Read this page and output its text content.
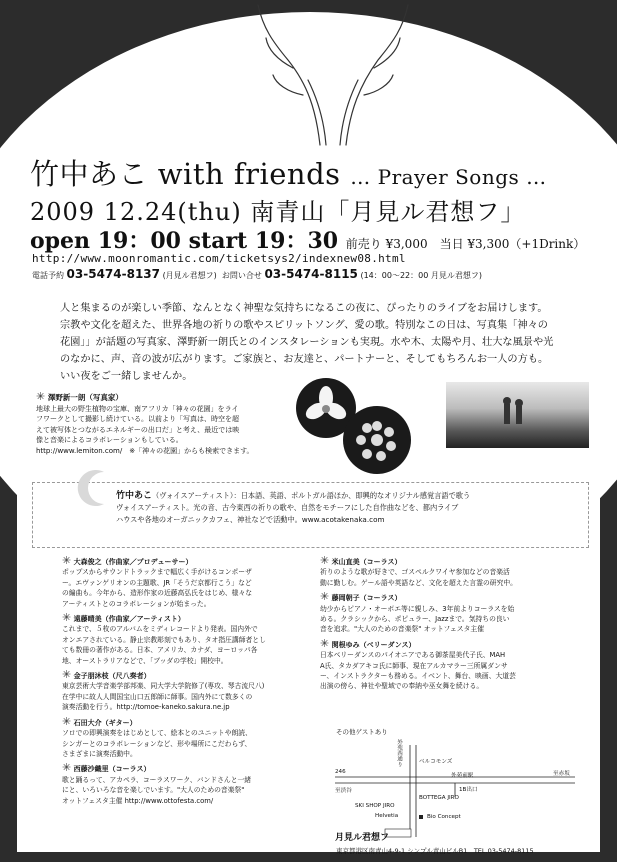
竹中あこ with friends … Prayer Songs …
2009 12.24(thu) 南青山「月見ル君想フ」
open 19：00 start 19：30 前売り ¥3,000　当日 ¥3,300（+1Drink）
http://www.moonromantic.com/ticketsys2/indexnew08.html
電話予約 03-5474-8137 (月見ル君想フ) お問い合せ 03-5474-8115 (14：00～22：00 月見ル君想フ)
人と集まるのが楽しい季節、なんとなく神聖な気持ちになるこの夜に、ぴったりのライブをお届けします。
宗教や文化を超えた、世界各地の祈りの歌やスピリットソング、愛の歌。特別なこの日は、写真集「神々の
花園」」が話題の写真家、澤野新一朗氏とのインスタレーションも実現。水や木、太陽や月、壮大な風景や光
のなかに、声、音の波が広がります。ご家族と、お友達と、パートナーと、そしてもちろんお一人の方も。
いい夜をご一緒しませんか。
✳ 澤野新一朗（写真家）
地球上最大の野生植物の宝庫、南アフリカ「神々の花園」をライ
フワークとして撮影し続けている。以前より「写真は、時空を超
えて被写体とつながるエネルギーの出口だ」と考え、最近では映
像と音楽によるコラボレーションもしている。
http://www.lemiton.com/　 ※「神々の花園」からも検索できます。
竹中あこ（ヴォイスアーティスト）：日本語、英語、ポルトガル語ほか、即興的なオリジナル感覚言語で歌う
ヴォイスアーティスト。光の音、古今東西の祈りの歌や、自然をモチーフにした自作曲などを、都内ライブ
ハウスや各地のオーガニックカフェ、神社などで活動中。www.acotakenaka.com
✳ 大森俊之（作曲家／プロデューサー）
ポップスからサウンドトラックまで幅広く手がけるコンポーザ
ー。エヴァンゲリオンの主題歌、JR「そうだ京都行こう」など
の編曲も。今年から、造形作家の近藤高弘氏をはじめ、様々な
アーティストとのコラボレーションが始まった。
✳ 遠藤晴美（作曲家／アーティスト）
これまで、５枚のアルバムをミディレコードより発表。国内外で
オンエアされている。静止宗教彫刻でもあり、タオ指圧講師者とし
ても数冊の著作がある。日本、アメリカ、カナダ、ヨーロッパ各
地、オーストラリアなどで、「ブッダの学校」開校中。
✳ 金子朋沐枝（尺八奏者）
東京芸術大学音楽学部邦楽、同大学大学院修了(専攻、琴古流尺八)
在学中に故人人間国宝山口五郎師に師事。国内外にて数多くの
演奏活動を行う。http://tomoe-kaneko.sakura.ne.jp
✳ 石田大介（ギター）
ソロでの即興演奏をはじめとして、絵本とのユニットや朗読、
シンガーとのコラボレーションなど、形や場所にこだわらず、
さまざまに演奏活動中。
✳ 西藤沙織里（コーラス）
歌と踊るって、アカペラ、コーラスワーク、バンドさんと一緒
にと、いろいろな音を楽しでいます。"大人のための音楽祭"
オットフェスタ主催 http://www.ottofesta.com/
✳ 米山直美（コーラス）
祈りのような歌が好きで、ゴスペルクワイヤ参加などの音楽活
動に勤しむ。ゲール語や英語など、文化を超えた言霊の研究中。
✳ 藤岡朝子（コーラス）
幼少からピアノ・オーボエ等に親しみ、3年前よりコーラスを始
める。クラシックから、ポピュラー、Jazzまで。気持ちの良い
音を追求。"大人のための音楽祭" オットフェスタ主催
✳ 関根ゆみ（ベリーダンス）
日本ベリーダンスのパイオニアである御茶屋美代子氏、MAH
A氏、タカダアキコ氏に師事、現在アルカマラー三所属ダンサ
ー、インストラクターも務める。イベント、舞台、映画、大道芸
出演の傍ら、神社や聖域での奉納や巫女舞を続ける。
その他ゲストあり
246
至渋谷
至赤坂
外苑西通り	ベルコモンズ
外苑前駅
1B出口
BOTTEGA JIRO
SKI SHOP JIRO
Helvetia	Bio Concept
月見ル君想フ
東京都港区南青山4-9-1 シンプル青山ビルB1　TEL.03-5474-8115
